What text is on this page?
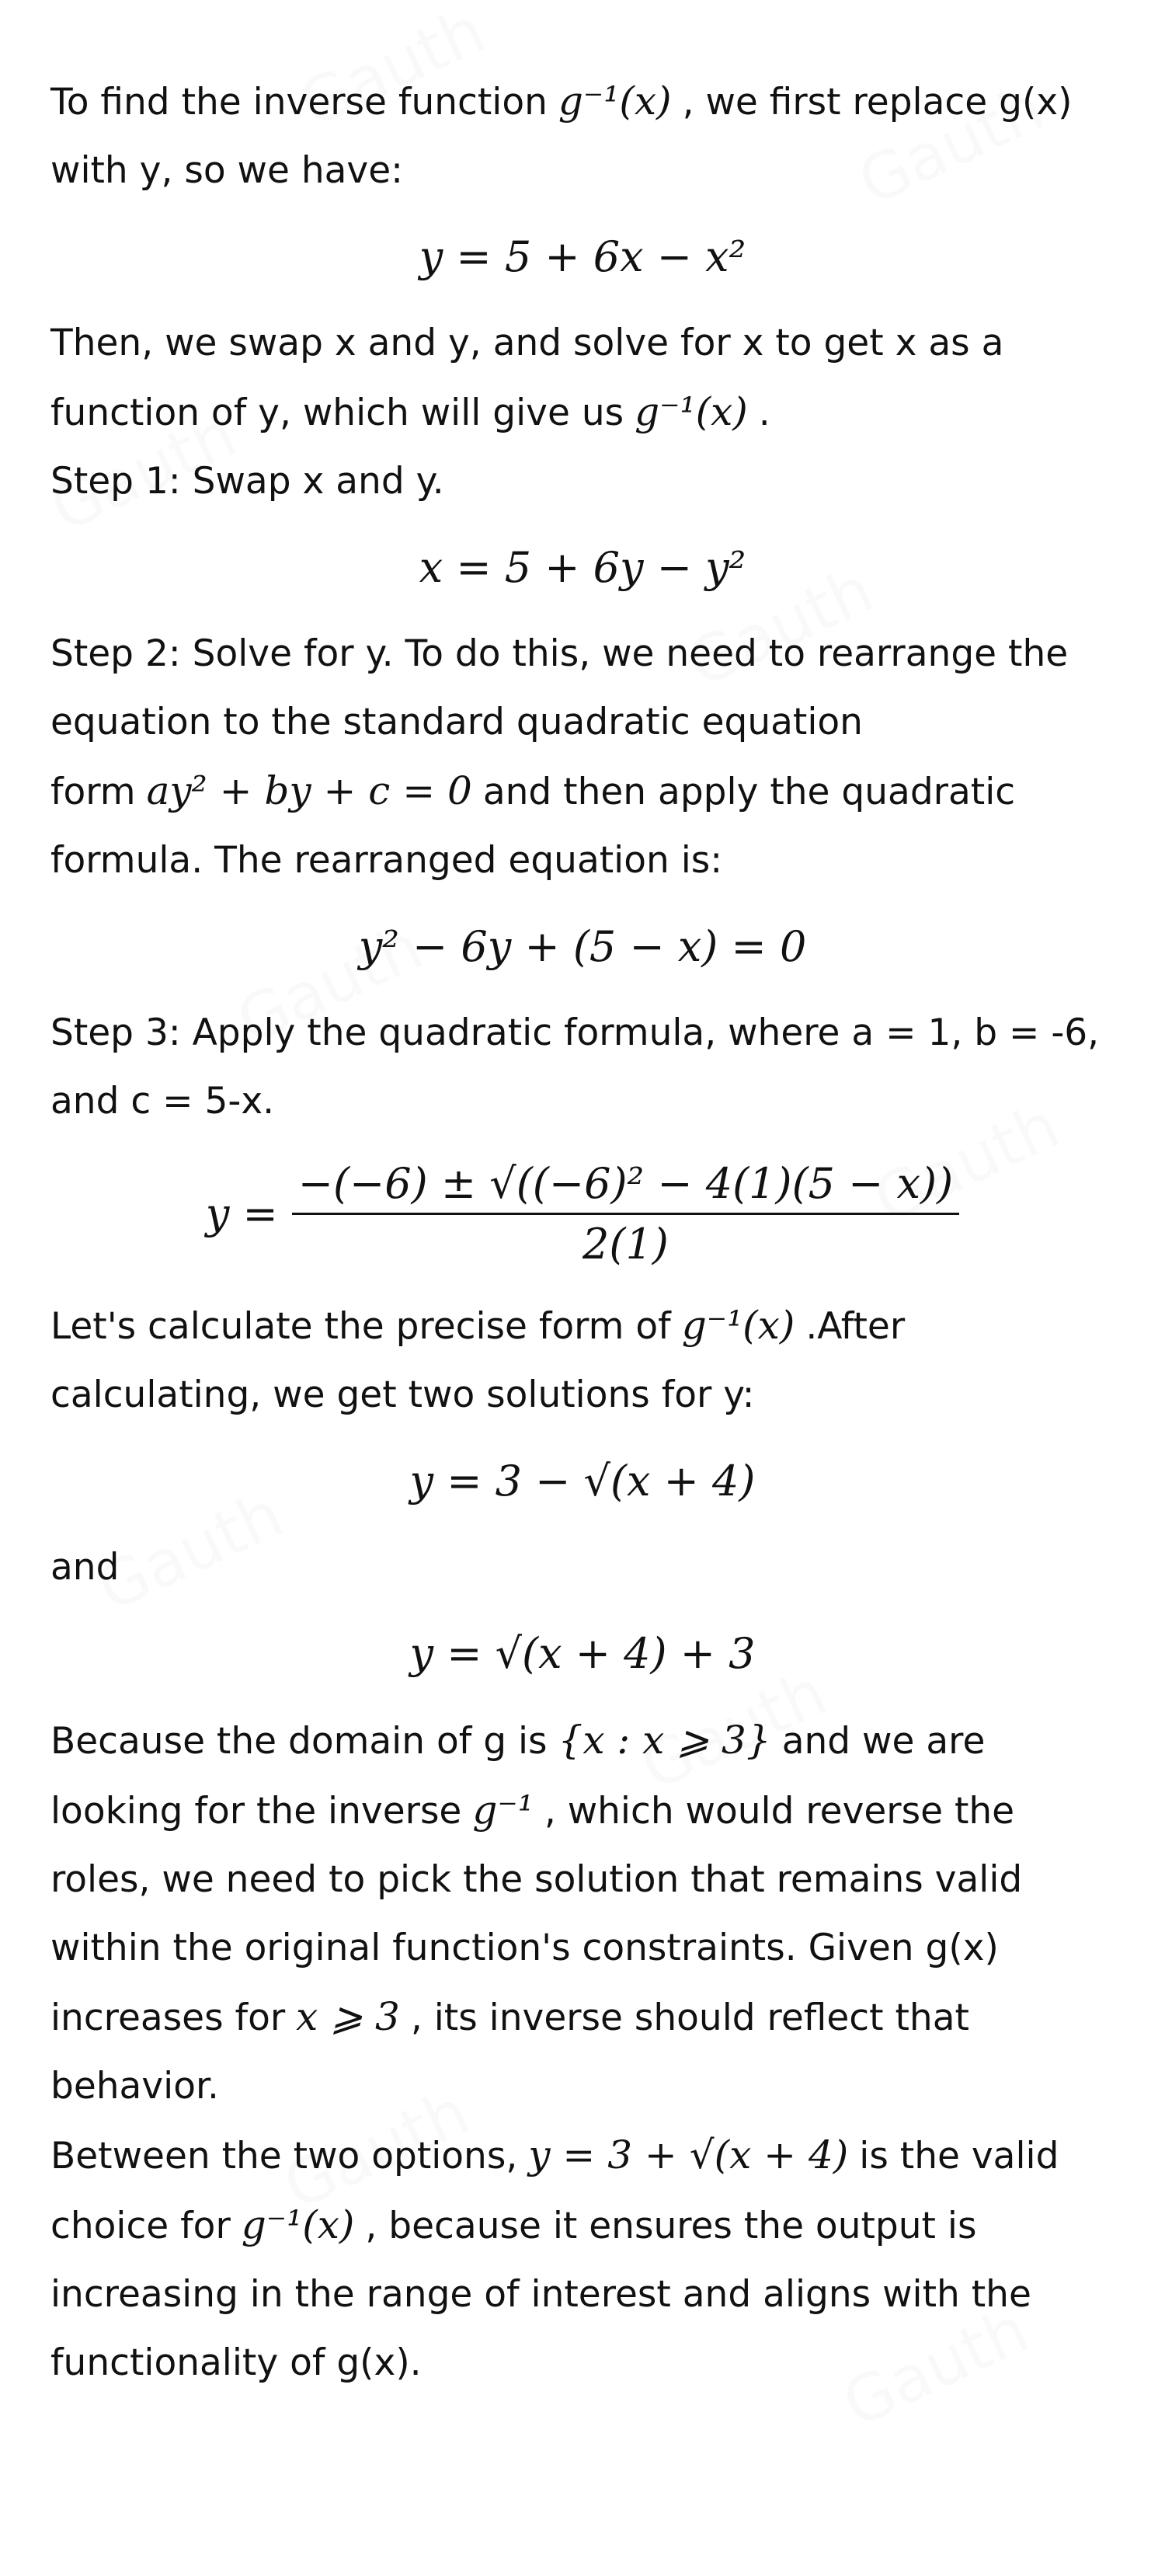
To find the inverse function g⁻¹(x) , we first replace g(x) with y, so we have:

y = 5 + 6x − x²

Then, we swap x and y, and solve for x to get x as a function of y, which will give us g⁻¹(x) .

Step 1: Swap x and y.

x = 5 + 6y − y²

Step 2: Solve for y. To do this, we need to rearrange the equation to the standard quadratic equation form ay² + by + c = 0 and then apply the quadratic formula. The rearranged equation is:

y² − 6y + (5 − x) = 0

Step 3: Apply the quadratic formula, where a = 1, b = -6, and c = 5-x.

$y = \frac{\text{−(−6) ± √((−6)² − 4(1)(5 − x))}}{2(1)}$

Let's calculate the precise form of g⁻¹(x) .After calculating, we get two solutions for y:

y = 3 − √(x + 4)

and

y = √(x + 4) + 3

Because the domain of g is {x : x ⩾ 3} and we are looking for the inverse g⁻¹ , which would reverse the roles, we need to pick the solution that remains valid within the original function's constraints. Given g(x) increases for x ⩾ 3 , its inverse should reflect that behavior.

Between the two options, y = 3 + √(x + 4) is the valid choice for g⁻¹(x) , because it ensures the output is increasing in the range of interest and aligns with the functionality of g(x).
